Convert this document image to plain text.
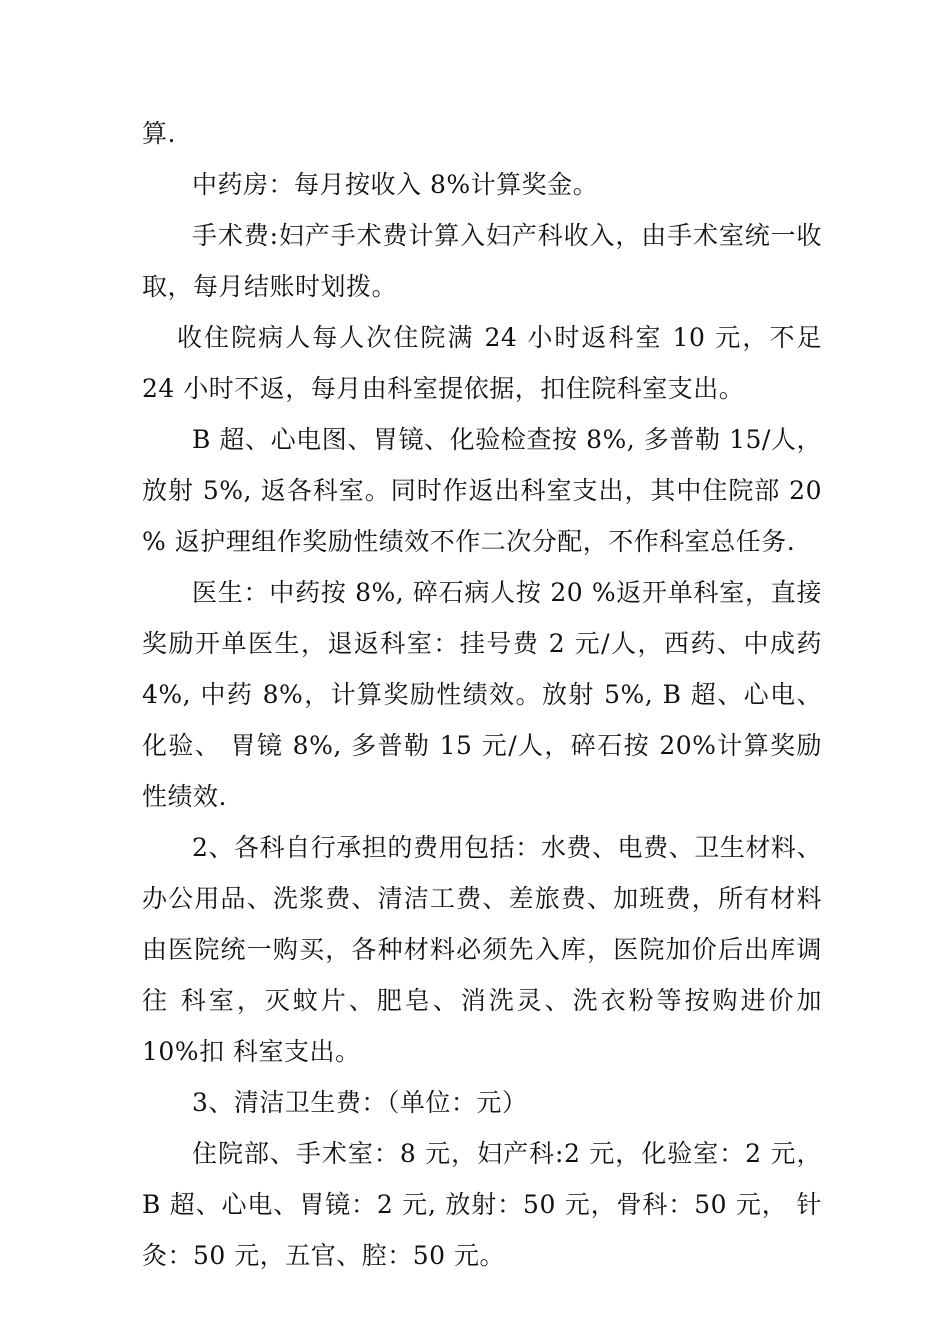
算.

中药房：每月按收入 8%计算奖金。

手术费:妇产手术费计算入妇产科收入，由手术室统一收取，每月结账时划拨。

收住院病人每人次住院满 24 小时返科室 10 元，不足 24 小时不返，每月由科室提依据，扣住院科室支出。

B 超、心电图、胃镜、化验检查按 8%, 多普勒 15/人， 放射 5%, 返各科室。同时作返出科室支出，其中住院部 20 % 返护理组作奖励性绩效不作二次分配，不作科室总任务.

医生：中药按 8%, 碎石病人按 20 %返开单科室，直接 奖励开单医生，退返科室：挂号费 2 元/人，西药、中成药 4%, 中药 8%，计算奖励性绩效。放射 5%, B 超、心电、化验、 胃镜 8%, 多普勒 15 元/人，碎石按 20%计算奖励性绩效.

2、各科自行承担的费用包括：水费、电费、卫生材料、办公用品、洗浆费、清洁工费、差旅费、加班费，所有材料由医院统一购买，各种材料必须先入库，医院加价后出库调往 科室，灭蚊片、肥皂、消洗灵、洗衣粉等按购进价加 10%扣 科室支出。

3、清洁卫生费：（单位：元）

住院部、手术室：8 元，妇产科:2 元，化验室：2 元，B 超、心电、胃镜：2 元, 放射：50 元，骨科：50 元， 针灸：50 元，五官、腔：50 元。
